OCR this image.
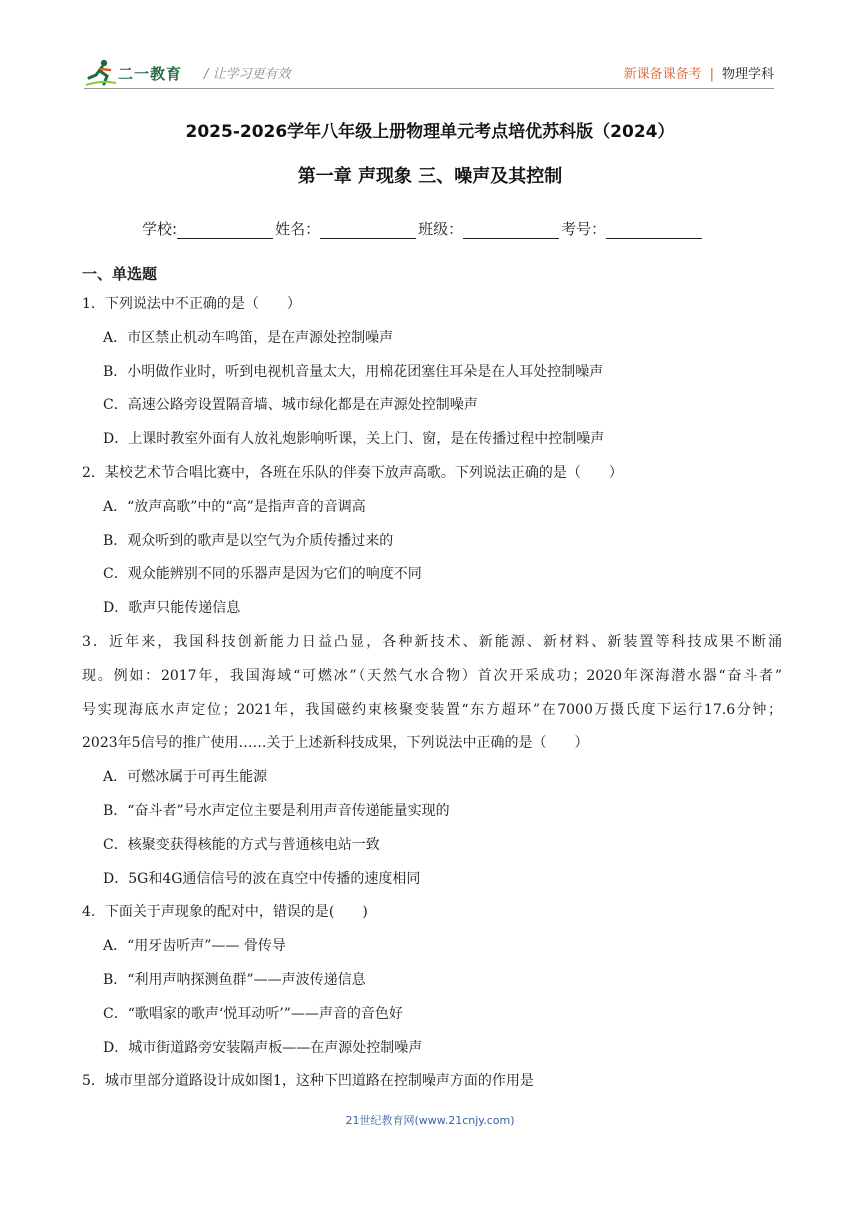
二一教育 / 让学习更有效	新课备课备考 | 物理学科
2025-2026学年八年级上册物理单元考点培优苏科版（2024）
第一章 声现象 三、噪声及其控制
学校:	姓名：	班级：	考号：
一、单选题
1．下列说法中不正确的是（　　）
A．市区禁止机动车鸣笛，是在声源处控制噪声
B．小明做作业时，听到电视机音量太大，用棉花团塞住耳朵是在人耳处控制噪声
C．高速公路旁设置隔音墙、城市绿化都是在声源处控制噪声
D．上课时教室外面有人放礼炮影响听课，关上门、窗，是在传播过程中控制噪声
2．某校艺术节合唱比赛中，各班在乐队的伴奏下放声高歌。下列说法正确的是（　　）
A．“放声高歌”中的“高”是指声音的音调高
B．观众听到的歌声是以空气为介质传播过来的
C．观众能辨别不同的乐器声是因为它们的响度不同
D．歌声只能传递信息
3．近年来，我国科技创新能力日益凸显，各种新技术、新能源、新材料、新装置等科技成果不断涌
现。例如：2017年，我国海域“可燃冰”（天然气水合物）首次开采成功；2020年深海潜水器“奋斗者”
号实现海底水声定位；2021年，我国磁约束核聚变装置“东方超环”在7000万摄氏度下运行17.6分钟；
2023年5信号的推广使用……关于上述新科技成果，下列说法中正确的是（　　）
A．可燃冰属于可再生能源
B．“奋斗者”号水声定位主要是利用声音传递能量实现的
C．核聚变获得核能的方式与普通核电站一致
D．5G和4G通信信号的波在真空中传播的速度相同
4．下面关于声现象的配对中，错误的是(　　)
A．“用牙齿听声”—— 骨传导
B．“利用声呐探测鱼群”——声波传递信息
C．“歌唱家的歌声‘悦耳动听’”——声音的音色好
D．城市街道路旁安装隔声板——在声源处控制噪声
5．城市里部分道路设计成如图1，这种下凹道路在控制噪声方面的作用是
21世纪教育网(www.21cnjy.com)
